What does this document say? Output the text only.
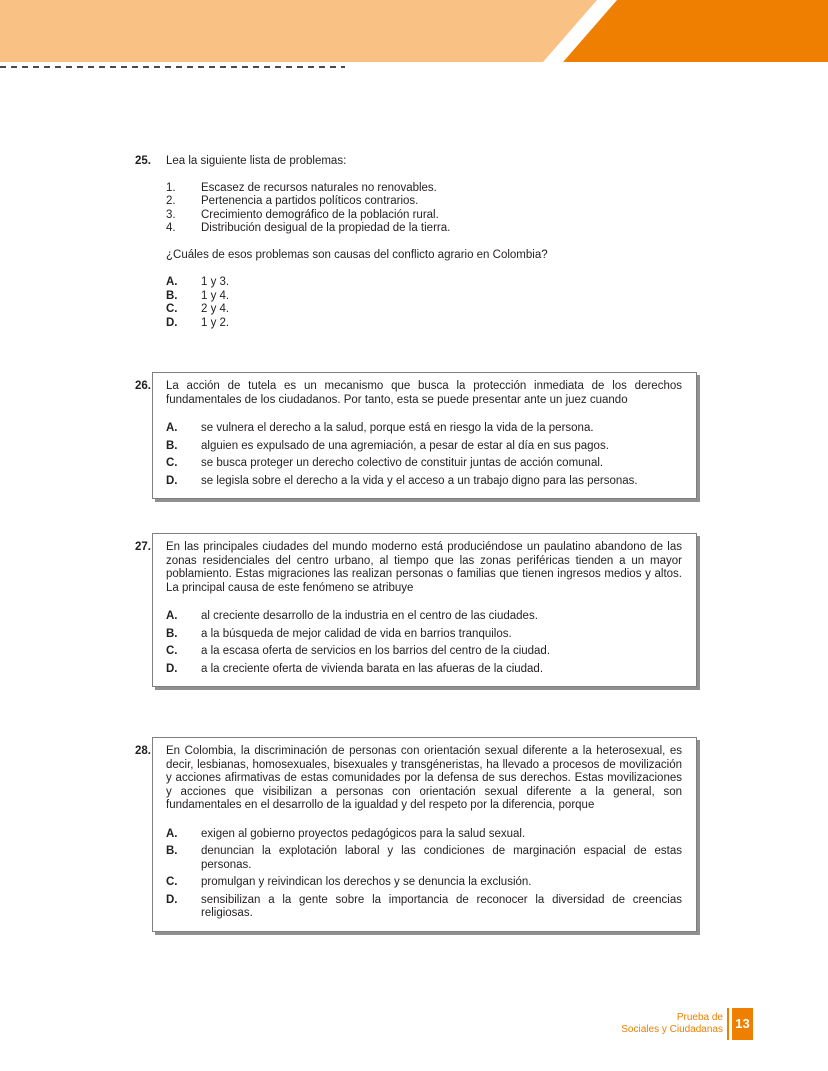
25. Lea la siguiente lista de problemas:

1.	Escasez de recursos naturales no renovables.
2.	Pertenencia a partidos políticos contrarios.
3.	Crecimiento demográfico de la población rural.
4.	Distribución desigual de la propiedad de la tierra.

¿Cuáles de esos problemas son causas del conflicto agrario en Colombia?

A.	1 y 3.
B.	1 y 4.
C.	2 y 4.
D.	1 y 2.
26. La acción de tutela es un mecanismo que busca la protección inmediata de los derechos fundamentales de los ciudadanos. Por tanto, esta se puede presentar ante un juez cuando

A.	se vulnera el derecho a la salud, porque está en riesgo la vida de la persona.
B.	alguien es expulsado de una agremiación, a pesar de estar al día en sus pagos.
C.	se busca proteger un derecho colectivo de constituir juntas de acción comunal.
D.	se legisla sobre el derecho a la vida y el acceso a un trabajo digno para las personas.
27. En las principales ciudades del mundo moderno está produciéndose un paulatino abandono de las zonas residenciales del centro urbano, al tiempo que las zonas periféricas tienden a un mayor poblamiento. Estas migraciones las realizan personas o familias que tienen ingresos medios y altos. La principal causa de este fenómeno se atribuye

A.	al creciente desarrollo de la industria en el centro de las ciudades.
B.	a la búsqueda de mejor calidad de vida en barrios tranquilos.
C.	a la escasa oferta de servicios en los barrios del centro de la ciudad.
D.	a la creciente oferta de vivienda barata en las afueras de la ciudad.
28. En Colombia, la discriminación de personas con orientación sexual diferente a la heterosexual, es decir, lesbianas, homosexuales, bisexuales y transgéneristas, ha llevado a procesos de movilización y acciones afirmativas de estas comunidades por la defensa de sus derechos. Estas movilizaciones y acciones que visibilizan a personas con orientación sexual diferente a la general, son fundamentales en el desarrollo de la igualdad y del respeto por la diferencia, porque

A.	exigen al gobierno proyectos pedagógicos para la salud sexual.
B.	denuncian la explotación laboral y las condiciones de marginación espacial de estas personas.
C.	promulgan y reivindican los derechos y se denuncia la exclusión.
D.	sensibilizan a la gente sobre la importancia de reconocer la diversidad de creencias religiosas.
Prueba de
Sociales y Ciudadanas 13
